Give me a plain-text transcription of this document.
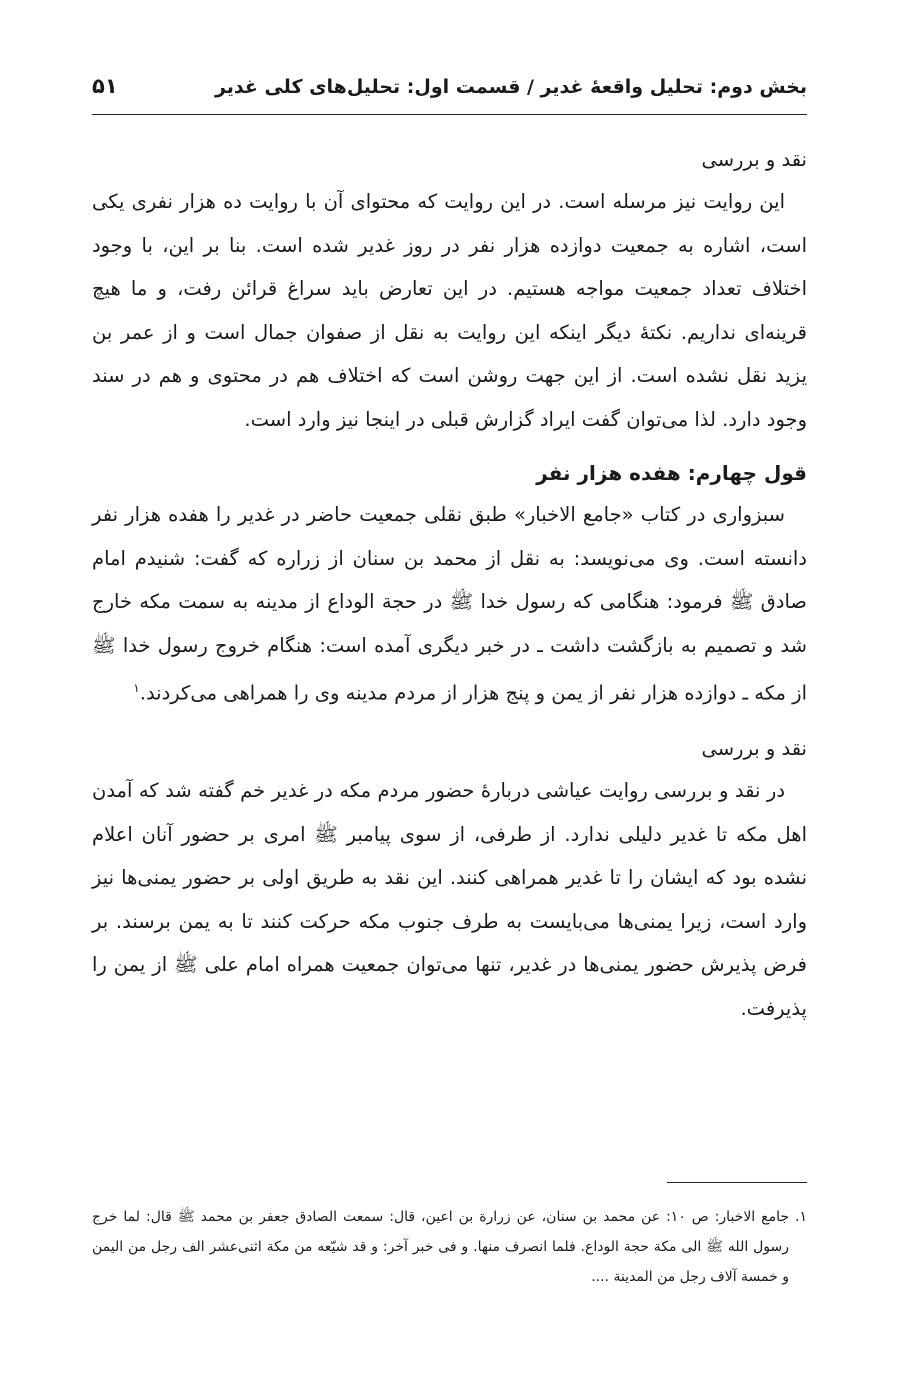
بخش دوم: تحلیل واقعهٔ غدیر / قسمت اول: تحلیل‌های کلی غدیر
۵۱

نقد و بررسی

این روایت نیز مرسله است. در این روایت که محتوای آن با روایت ده هزار نفری یکی است، اشاره به جمعیت دوازده هزار نفر در روز غدیر شده است. بنا بر این، با وجود اختلاف تعداد جمعیت مواجه هستیم. در این تعارض باید سراغ قرائن رفت، و ما هیچ قرینه‌ای نداریم. نکتهٔ دیگر اینکه این روایت به نقل از صفوان جمال است و از عمر بن یزید نقل نشده است. از این جهت روشن است که اختلاف هم در محتوی و هم در سند وجود دارد. لذا می‌توان گفت ایراد گزارش قبلی در اینجا نیز وارد است.

قول چهارم: هفده هزار نفر

سبزواری در کتاب «جامع الاخبار» طبق نقلی جمعیت حاضر در غدیر را هفده هزار نفر دانسته است. وی می‌نویسد: به نقل از محمد بن سنان از زراره که گفت: شنیدم امام صادق ﷺ فرمود: هنگامی که رسول خدا ﷺ در حجة الوداع از مدینه به سمت مکه خارج شد و تصمیم به بازگشت داشت ـ در خبر دیگری آمده است: هنگام خروج رسول خدا ﷺ از مکه ـ دوازده هزار نفر از یمن و پنج هزار از مردم مدینه وی را همراهی می‌کردند.$^۱$

نقد و بررسی

در نقد و بررسی روایت عیاشی دربارهٔ حضور مردم مکه در غدیر خم گفته شد که آمدن اهل مکه تا غدیر دلیلی ندارد. از طرفی، از سوی پیامبر ﷺ امری بر حضور آنان اعلام نشده بود که ایشان را تا غدیر همراهی کنند. این نقد به طریق اولی بر حضور یمنی‌ها نیز وارد است، زیرا یمنی‌ها می‌بایست به طرف جنوب مکه حرکت کنند تا به یمن برسند. بر فرض پذیرش حضور یمنی‌ها در غدیر، تنها می‌توان جمعیت همراه امام علی ﷺ از یمن را پذیرفت.

۱. جامع الاخبار: ص ۱۰: عن محمد بن سنان، عن زرارة بن اعین، قال: سمعت الصادق جعفر بن محمد ﷺ قال: لما خرج رسول الله ﷺ الی مکة حجة الوداع. فلما انصرف منها. و فی خبر آخر: و قد شیّعه من مکة اثنی‌عشر الف رجل من الیمن و خمسة آلاف رجل من المدینة ....
